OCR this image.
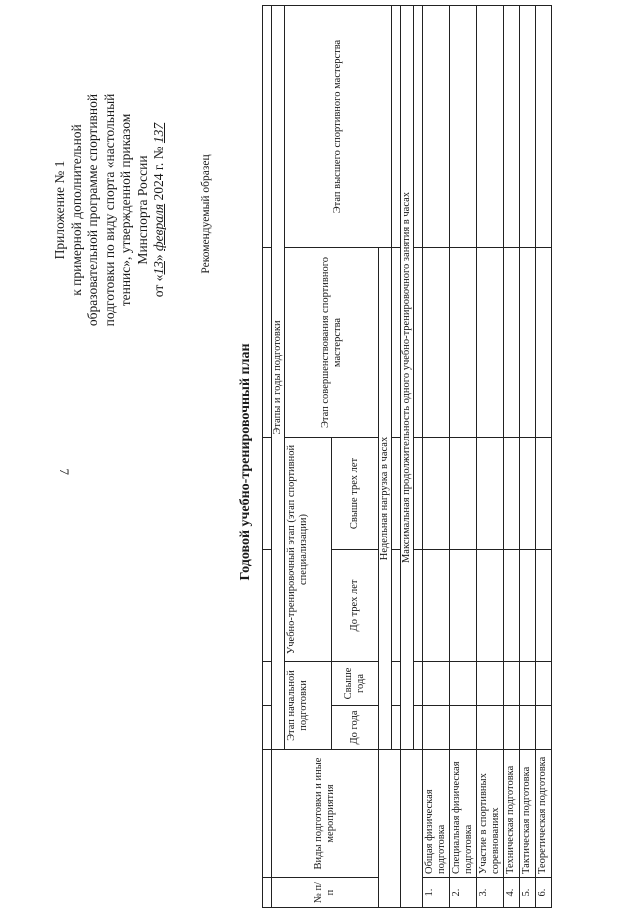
7
Приложение № 1 к примерной дополнительной образовательной программе спортивной подготовки по виду спорта «настольный теннис», утвержденной приказом Минспорта России
от «13» февраля 2024 г. № 137
Рекомендуемый образец
Годовой учебно-тренировочный план

№ п/п	Виды подготовки и иные мероприятия	Этапы и годы подготовки					
		Этап начальной подготовки		Учебно-тренировочный этап (этап спортивной специализации)		Этап совершенствования спортивного мастерства	Этап высшего спортивного мастерства
		До года	Свыше года	До трех лет	Свыше трех лет		
		Недельная нагрузка в часах					

		Максимальная продолжительность одного учебно-тренировочного занятия в часах					

1.	Общая физическая подготовка						
2.	Специальная физическая подготовка						
3.	Участие в спортивных соревнованиях						
4.	Техническая подготовка						
5.	Тактическая подготовка						
6.	Теоретическая подготовка						
